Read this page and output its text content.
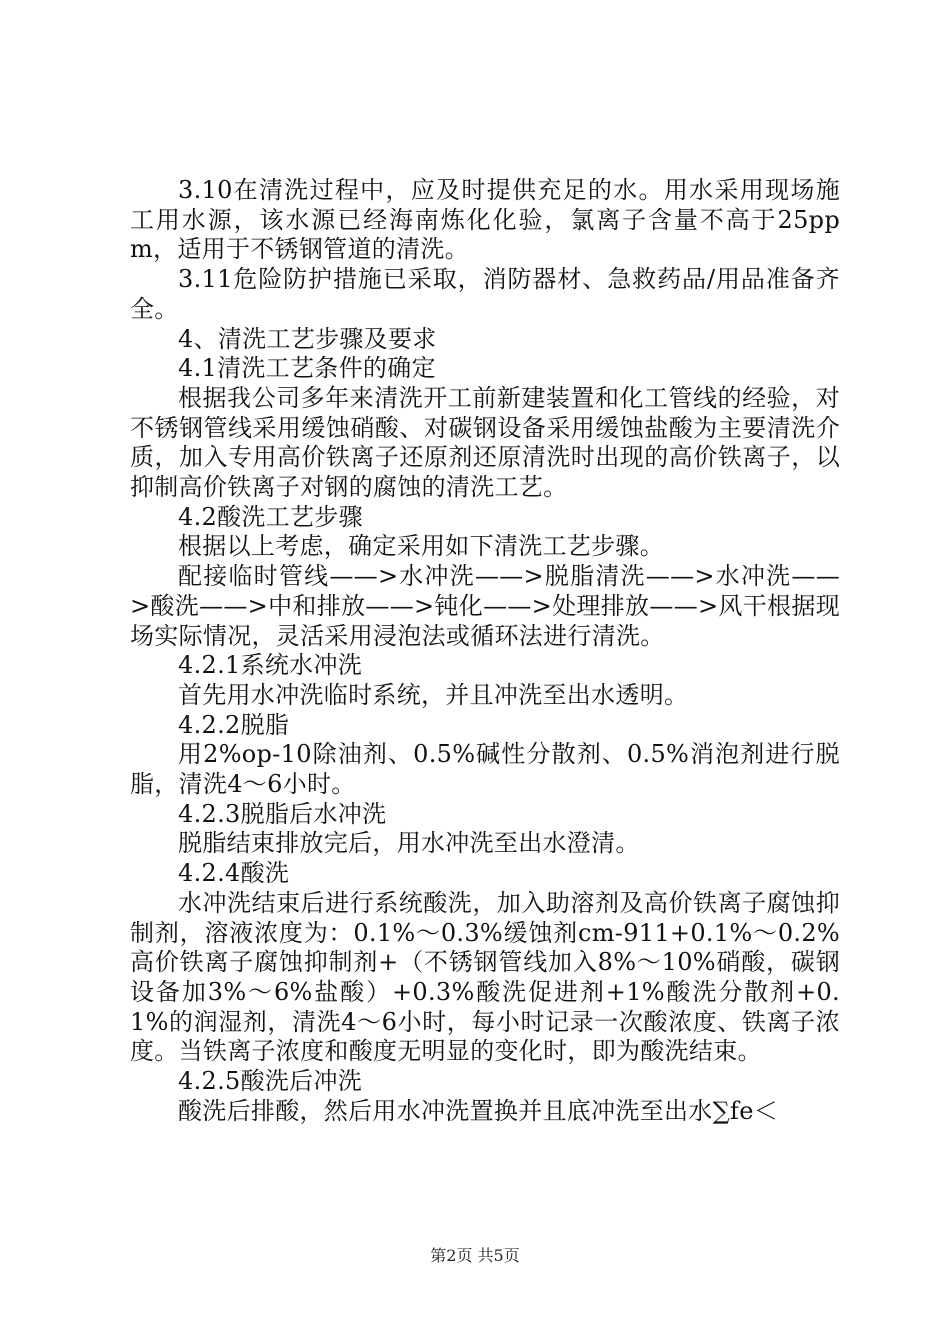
3.10在清洗过程中，应及时提供充足的水。用水采用现场施工用水源，该水源已经海南炼化化验，氯离子含量不高于25ppm，适用于不锈钢管道的清洗。

3.11危险防护措施已采取，消防器材、急救药品/用品准备齐全。

4、清洗工艺步骤及要求

4.1清洗工艺条件的确定

根据我公司多年来清洗开工前新建装置和化工管线的经验，对不锈钢管线采用缓蚀硝酸、对碳钢设备采用缓蚀盐酸为主要清洗介质，加入专用高价铁离子还原剂还原清洗时出现的高价铁离子，以抑制高价铁离子对钢的腐蚀的清洗工艺。

4.2酸洗工艺步骤

根据以上考虑，确定采用如下清洗工艺步骤。

配接临时管线——>水冲洗——>脱脂清洗——>水冲洗——>酸洗——>中和排放——>钝化——>处理排放——>风干根据现场实际情况，灵活采用浸泡法或循环法进行清洗。

4.2.1系统水冲洗

首先用水冲洗临时系统，并且冲洗至出水透明。

4.2.2脱脂

用2%op-10除油剂、0.5%碱性分散剂、0.5%消泡剂进行脱脂，清洗4～6小时。

4.2.3脱脂后水冲洗

脱脂结束排放完后，用水冲洗至出水澄清。

4.2.4酸洗

水冲洗结束后进行系统酸洗，加入助溶剂及高价铁离子腐蚀抑制剂，溶液浓度为：0.1%～0.3%缓蚀剂cm-911+0.1%～0.2%高价铁离子腐蚀抑制剂+（不锈钢管线加入8%～10%硝酸，碳钢设备加3%～6%盐酸）+0.3%酸洗促进剂+1%酸洗分散剂+0.1%的润湿剂，清洗4～6小时，每小时记录一次酸浓度、铁离子浓度。当铁离子浓度和酸度无明显的变化时，即为酸洗结束。

4.2.5酸洗后冲洗

酸洗后排酸，然后用水冲洗置换并且底冲洗至出水∑fe＜

第2页 共5页
